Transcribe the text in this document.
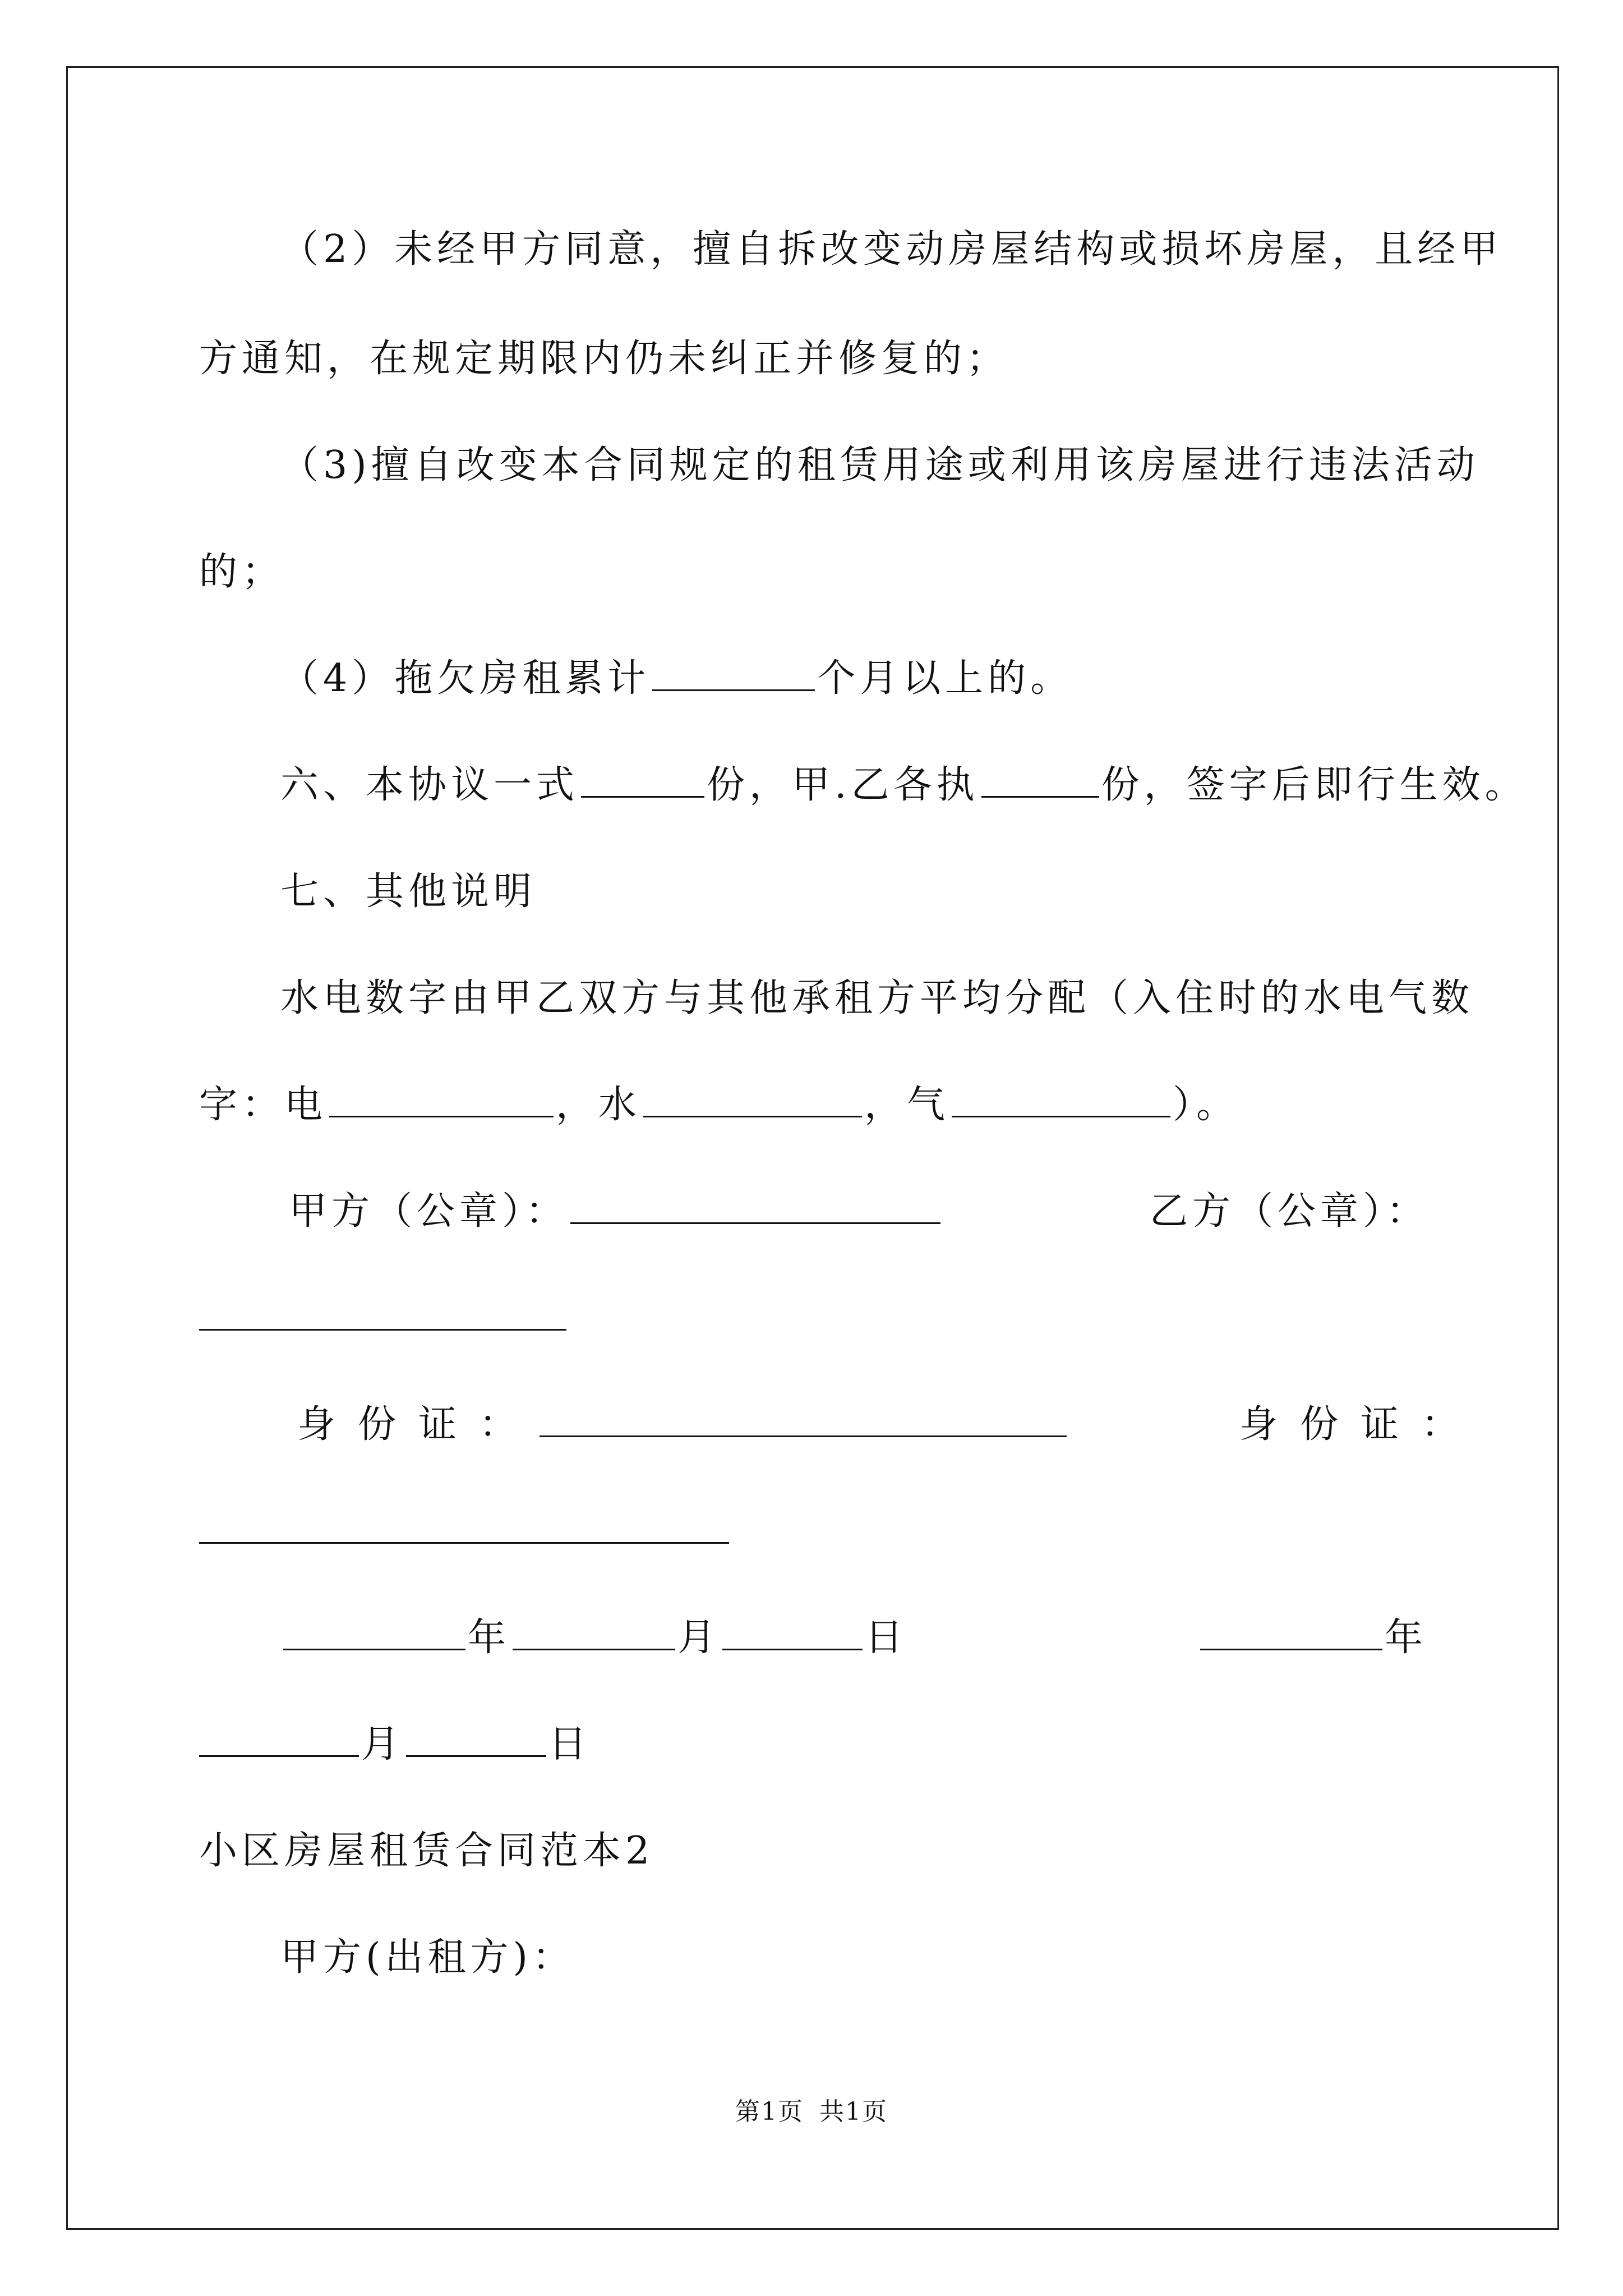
（2）未经甲方同意，擅自拆改变动房屋结构或损坏房屋，且经甲
方通知，在规定期限内仍未纠正并修复的；
（3)擅自改变本合同规定的租赁用途或利用该房屋进行违法活动
的；
（4）拖欠房租累计	个月以上的。
六、本协议一式	份，甲.乙各执	份，签字后即行生效。
七、其他说明
水电数字由甲乙双方与其他承租方平均分配（入住时的水电气数
字：电	，水	，气	）。
甲方（公章）：	乙方（公章）：
身份证：	身份证：
年	月	日	年
月	日
小区房屋租赁合同范本2
甲方(出租方)：
第1页 共1页
